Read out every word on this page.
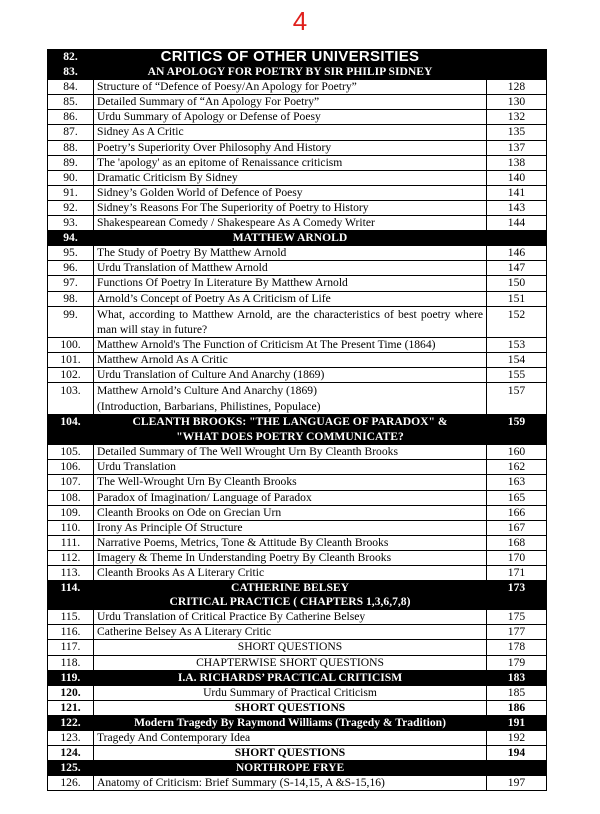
4
82.	CRITICS OF OTHER UNIVERSITIES	
83.	AN APOLOGY FOR POETRY BY SIR PHILIP SIDNEY	
84.	Structure of “Defence of Poesy/An Apology for Poetry”	128
85.	Detailed Summary of “An Apology For Poetry”	130
86.	Urdu Summary of Apology or Defense of Poesy	132
87.	Sidney As A Critic	135
88.	Poetry’s Superiority Over Philosophy And History	137
89.	The 'apology' as an epitome of Renaissance criticism	138
90.	Dramatic Criticism By Sidney	140
91.	Sidney’s Golden World of Defence of Poesy	141
92.	Sidney’s Reasons For The Superiority of Poetry to History	143
93.	Shakespearean Comedy / Shakespeare As A Comedy Writer	144
94.	MATTHEW ARNOLD	
95.	The Study of Poetry By Matthew Arnold	146
96.	Urdu Translation of Matthew Arnold	147
97.	Functions Of Poetry In Literature By Matthew Arnold	150
98.	Arnold’s Concept of Poetry As A Criticism of Life	151
99.	What, according to Matthew Arnold, are the characteristics of best poetry where man will stay in future?	152
100.	Matthew Arnold's The Function of Criticism At The Present Time (1864)	153
101.	Matthew Arnold As A Critic	154
102.	Urdu Translation of Culture And Anarchy (1869)	155
103.	Matthew Arnold’s Culture And Anarchy (1869)
(Introduction, Barbarians, Philistines, Populace)	157
104.	CLEANTH BROOKS: "THE LANGUAGE OF PARADOX" &
"WHAT DOES POETRY COMMUNICATE?	159
105.	Detailed Summary of The Well Wrought Urn By Cleanth Brooks	160
106.	Urdu Translation	162
107.	The Well-Wrought Urn By Cleanth Brooks	163
108.	Paradox of Imagination/ Language of Paradox	165
109.	Cleanth Brooks on Ode on Grecian Urn	166
110.	Irony As Principle Of Structure	167
111.	Narrative Poems, Metrics, Tone & Attitude By Cleanth Brooks	168
112.	Imagery & Theme In Understanding Poetry By Cleanth Brooks	170
113.	Cleanth Brooks As A Literary Critic	171
114.	CATHERINE BELSEY
CRITICAL PRACTICE ( CHAPTERS 1,3,6,7,8)	173
115.	Urdu Translation of Critical Practice By Catherine Belsey	175
116.	Catherine Belsey As A Literary Critic	177
117.	SHORT QUESTIONS	178
118.	CHAPTERWISE SHORT QUESTIONS	179
119.	I.A. RICHARDS’ PRACTICAL CRITICISM	183
120.	Urdu Summary of Practical Criticism	185
121.	SHORT QUESTIONS	186
122.	Modern Tragedy By Raymond Williams (Tragedy & Tradition)	191
123.	Tragedy And Contemporary Idea	192
124.	SHORT QUESTIONS	194
125.	NORTHROPE FRYE	
126.	Anatomy of Criticism: Brief Summary (S-14,15, A &S-15,16)	197
